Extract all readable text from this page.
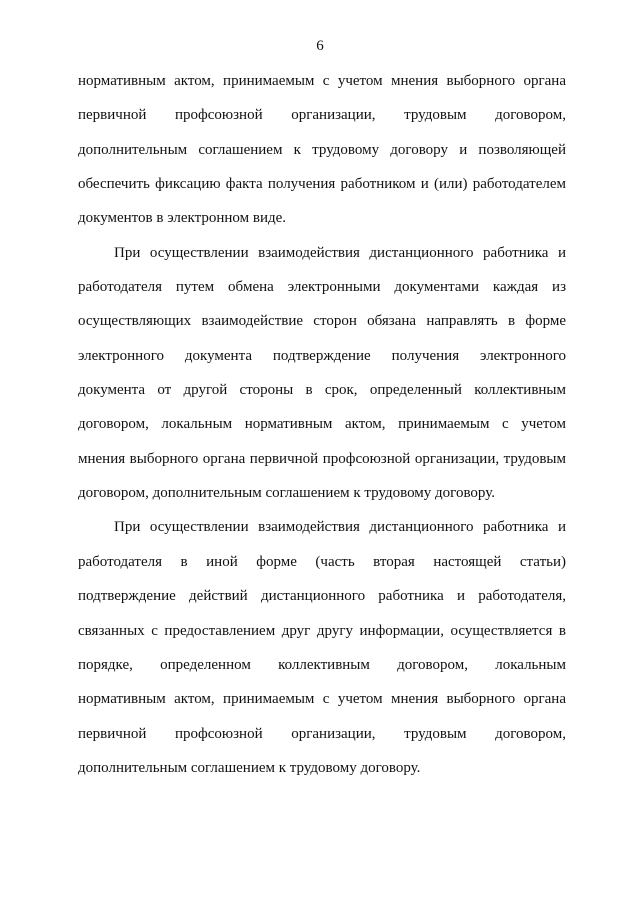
6

нормативным актом, принимаемым с учетом мнения выборного органа
первичной профсоюзной организации, трудовым договором,
дополнительным соглашением к трудовому договору и позволяющей
обеспечить фиксацию факта получения работником и (или) работодателем
документов в электронном виде.

При осуществлении взаимодействия дистанционного работника и
работодателя путем обмена электронными документами каждая из
осуществляющих взаимодействие сторон обязана направлять в форме
электронного документа подтверждение получения электронного
документа от другой стороны в срок, определенный коллективным
договором, локальным нормативным актом, принимаемым с учетом
мнения выборного органа первичной профсоюзной организации, трудовым
договором, дополнительным соглашением к трудовому договору.

При осуществлении взаимодействия дистанционного работника и
работодателя в иной форме (часть вторая настоящей статьи)
подтверждение действий дистанционного работника и работодателя,
связанных с предоставлением друг другу информации, осуществляется в
порядке, определенном коллективным договором, локальным
нормативным актом, принимаемым с учетом мнения выборного органа
первичной профсоюзной организации, трудовым договором,
дополнительным соглашением к трудовому договору.
